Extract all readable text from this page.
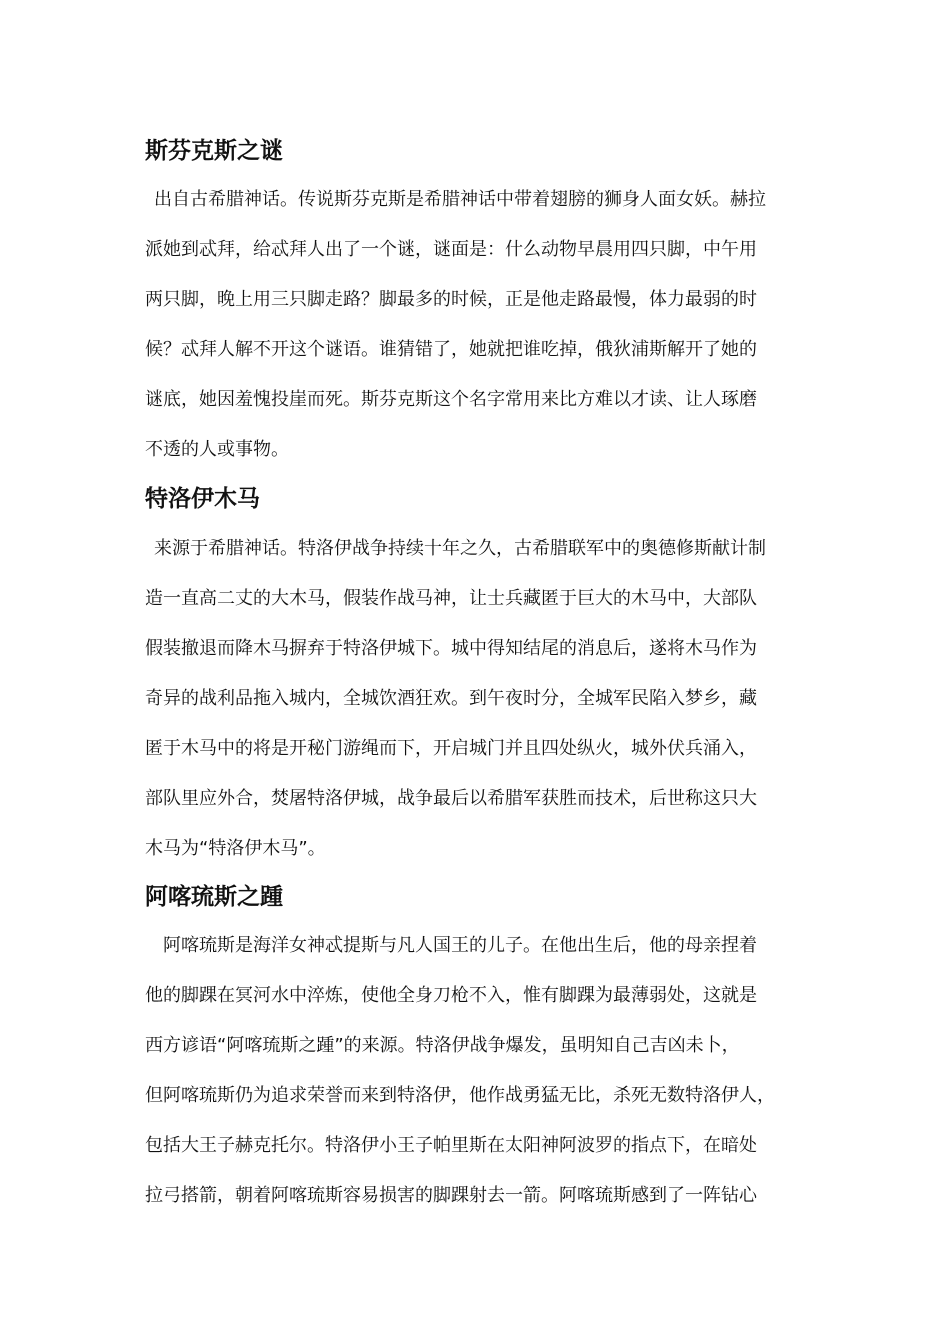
斯芬克斯之谜

出自古希腊神话。传说斯芬克斯是希腊神话中带着翅膀的狮身人面女妖。赫拉

派她到忒拜，给忒拜人出了一个谜，谜面是：什么动物早晨用四只脚，中午用

两只脚，晚上用三只脚走路？脚最多的时候，正是他走路最慢，体力最弱的时

候？忒拜人解不开这个谜语。谁猜错了，她就把谁吃掉，俄狄浦斯解开了她的

谜底，她因羞愧投崖而死。斯芬克斯这个名字常用来比方难以才读、让人琢磨

不透的人或事物。

特洛伊木马

来源于希腊神话。特洛伊战争持续十年之久，古希腊联军中的奥德修斯献计制

造一直高二丈的大木马，假装作战马神，让士兵藏匿于巨大的木马中，大部队

假装撤退而降木马摒弃于特洛伊城下。城中得知结尾的消息后，遂将木马作为

奇异的战利品拖入城内，全城饮酒狂欢。到午夜时分，全城军民陷入梦乡，藏

匿于木马中的将是开秘门游绳而下，开启城门并且四处纵火，城外伏兵涌入，

部队里应外合，焚屠特洛伊城，战争最后以希腊军获胜而技术，后世称这只大

木马为“特洛伊木马”。

阿喀琉斯之踵

阿喀琉斯是海洋女神忒提斯与凡人国王的儿子。在他出生后，他的母亲捏着

他的脚踝在冥河水中淬炼，使他全身刀枪不入，惟有脚踝为最薄弱处，这就是

西方谚语“阿喀琉斯之踵”的来源。特洛伊战争爆发，虽明知自己吉凶未卜，

但阿喀琉斯仍为追求荣誉而来到特洛伊，他作战勇猛无比，杀死无数特洛伊人，

包括大王子赫克托尔。特洛伊小王子帕里斯在太阳神阿波罗的指点下，在暗处

拉弓搭箭，朝着阿喀琉斯容易损害的脚踝射去一箭。阿喀琉斯感到了一阵钻心
